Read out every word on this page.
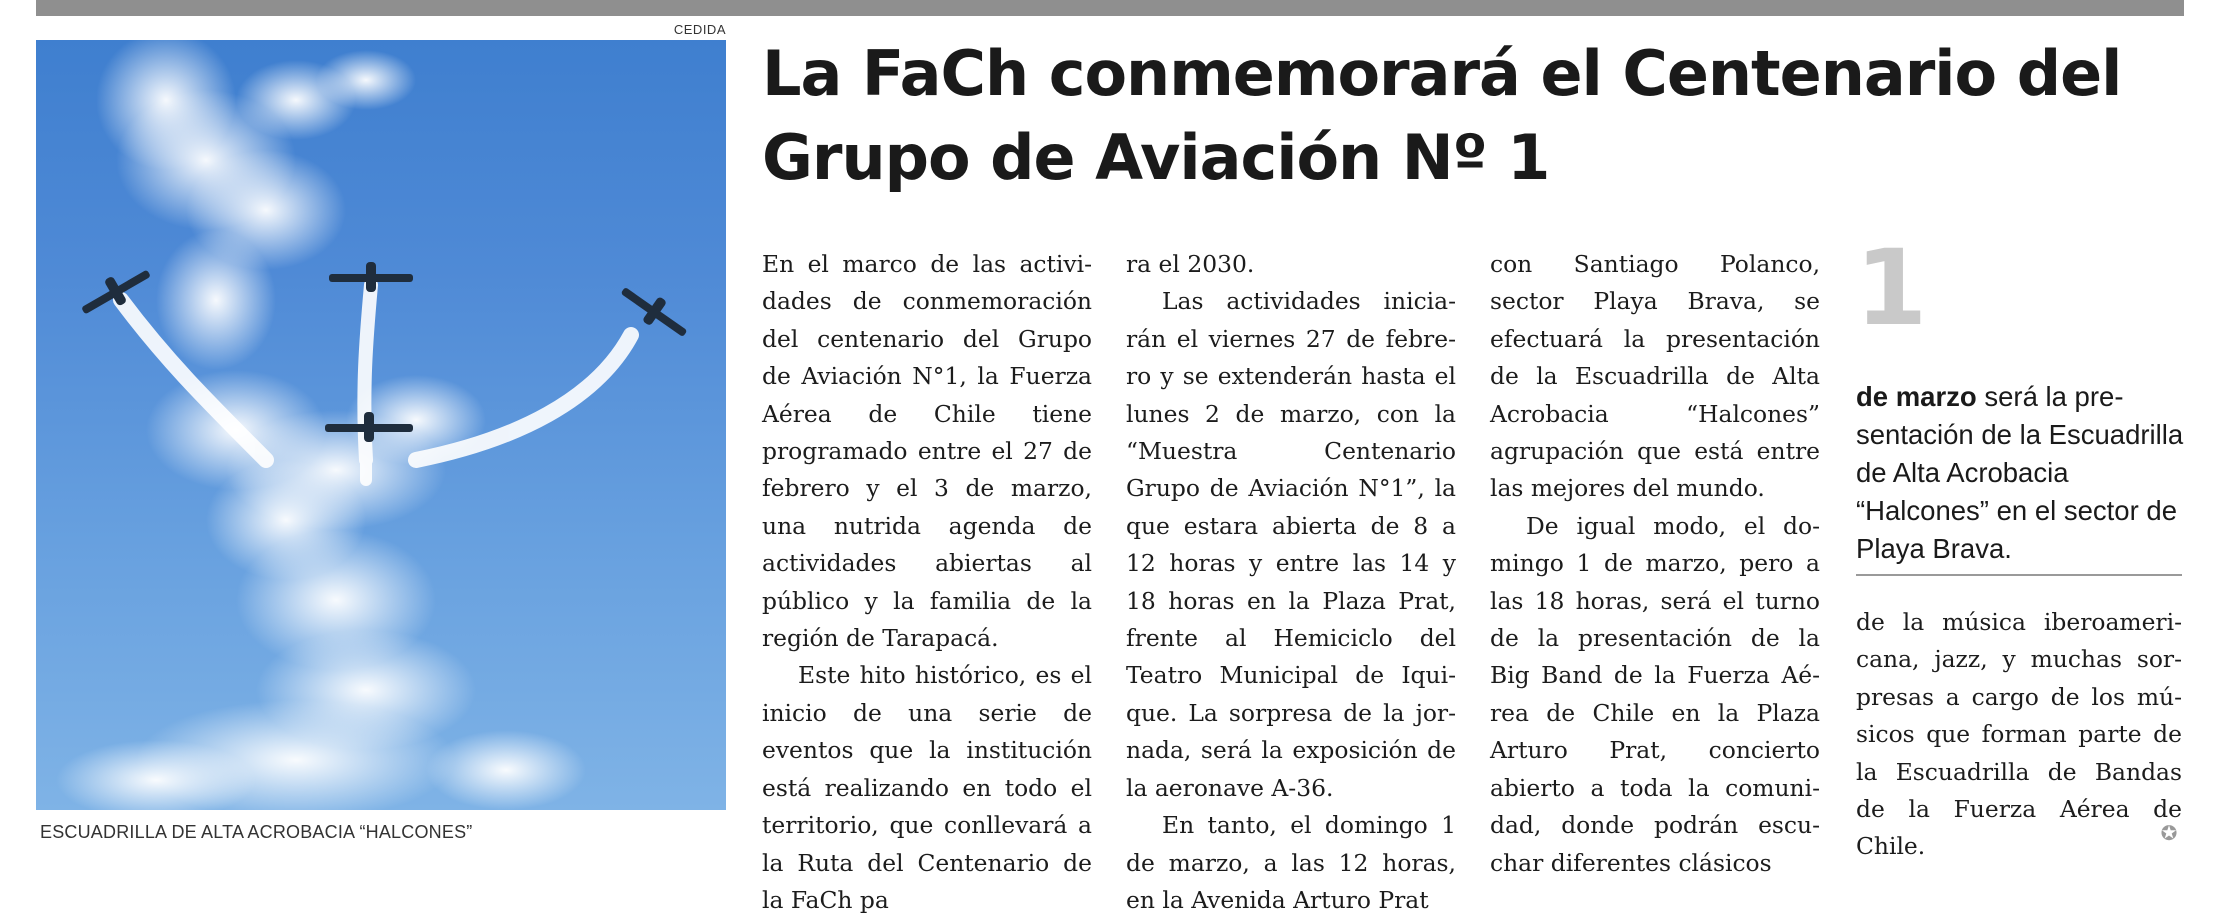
CEDIDA
ESCUADRILLA DE ALTA ACROBACIA “HALCONES”
La FaCh conmemorará el Centenario del Grupo de Aviación Nº 1

En el marco de las actividades de conmemoración del centenario del Grupo de Aviación N°1, la Fuerza Aérea de Chile tiene programado entre el 27 de febrero y el 3 de marzo, una nutrida agenda de actividades abiertas al público y la familia de la región de Tarapacá.

Este hito histórico, es el inicio de una serie de eventos que la institución está realizando en todo el territorio, que conllevará a la Ruta del Centenario de la FaCh pa

ra el 2030.

Las actividades iniciarán el viernes 27 de febrero y se extenderán hasta el lunes 2 de marzo, con la “Muestra Centenario Grupo de Aviación N°1”, la que estara abierta de 8 a 12 horas y entre las 14 y 18 horas en la Plaza Prat, frente al Hemiciclo del Teatro Municipal de Iquique. La sorpresa de la jornada, será la exposición de la aeronave A-36.

En tanto, el domingo 1 de marzo, a las 12 horas, en la Avenida Arturo Prat

con Santiago Polanco, sector Playa Brava, se efectuará la presentación de la Escuadrilla de Alta Acrobacia “Halcones” agrupación que está entre las mejores del mundo.

De igual modo, el domingo 1 de marzo, pero a las 18 horas, será el turno de la presentación de la Big Band de la Fuerza Aérea de Chile en la Plaza Arturo Prat, concierto abierto a toda la comunidad, donde podrán escuchar diferentes clásicos

1
de marzo será la presentación de la Escuadrilla de Alta Acrobacia “Halcones” en el sector de Playa Brava.

de la música iberoamericana, jazz, y muchas sorpresas a cargo de los músicos que forman parte de la Escuadrilla de Bandas de la Fuerza Aérea de Chile.	✪
